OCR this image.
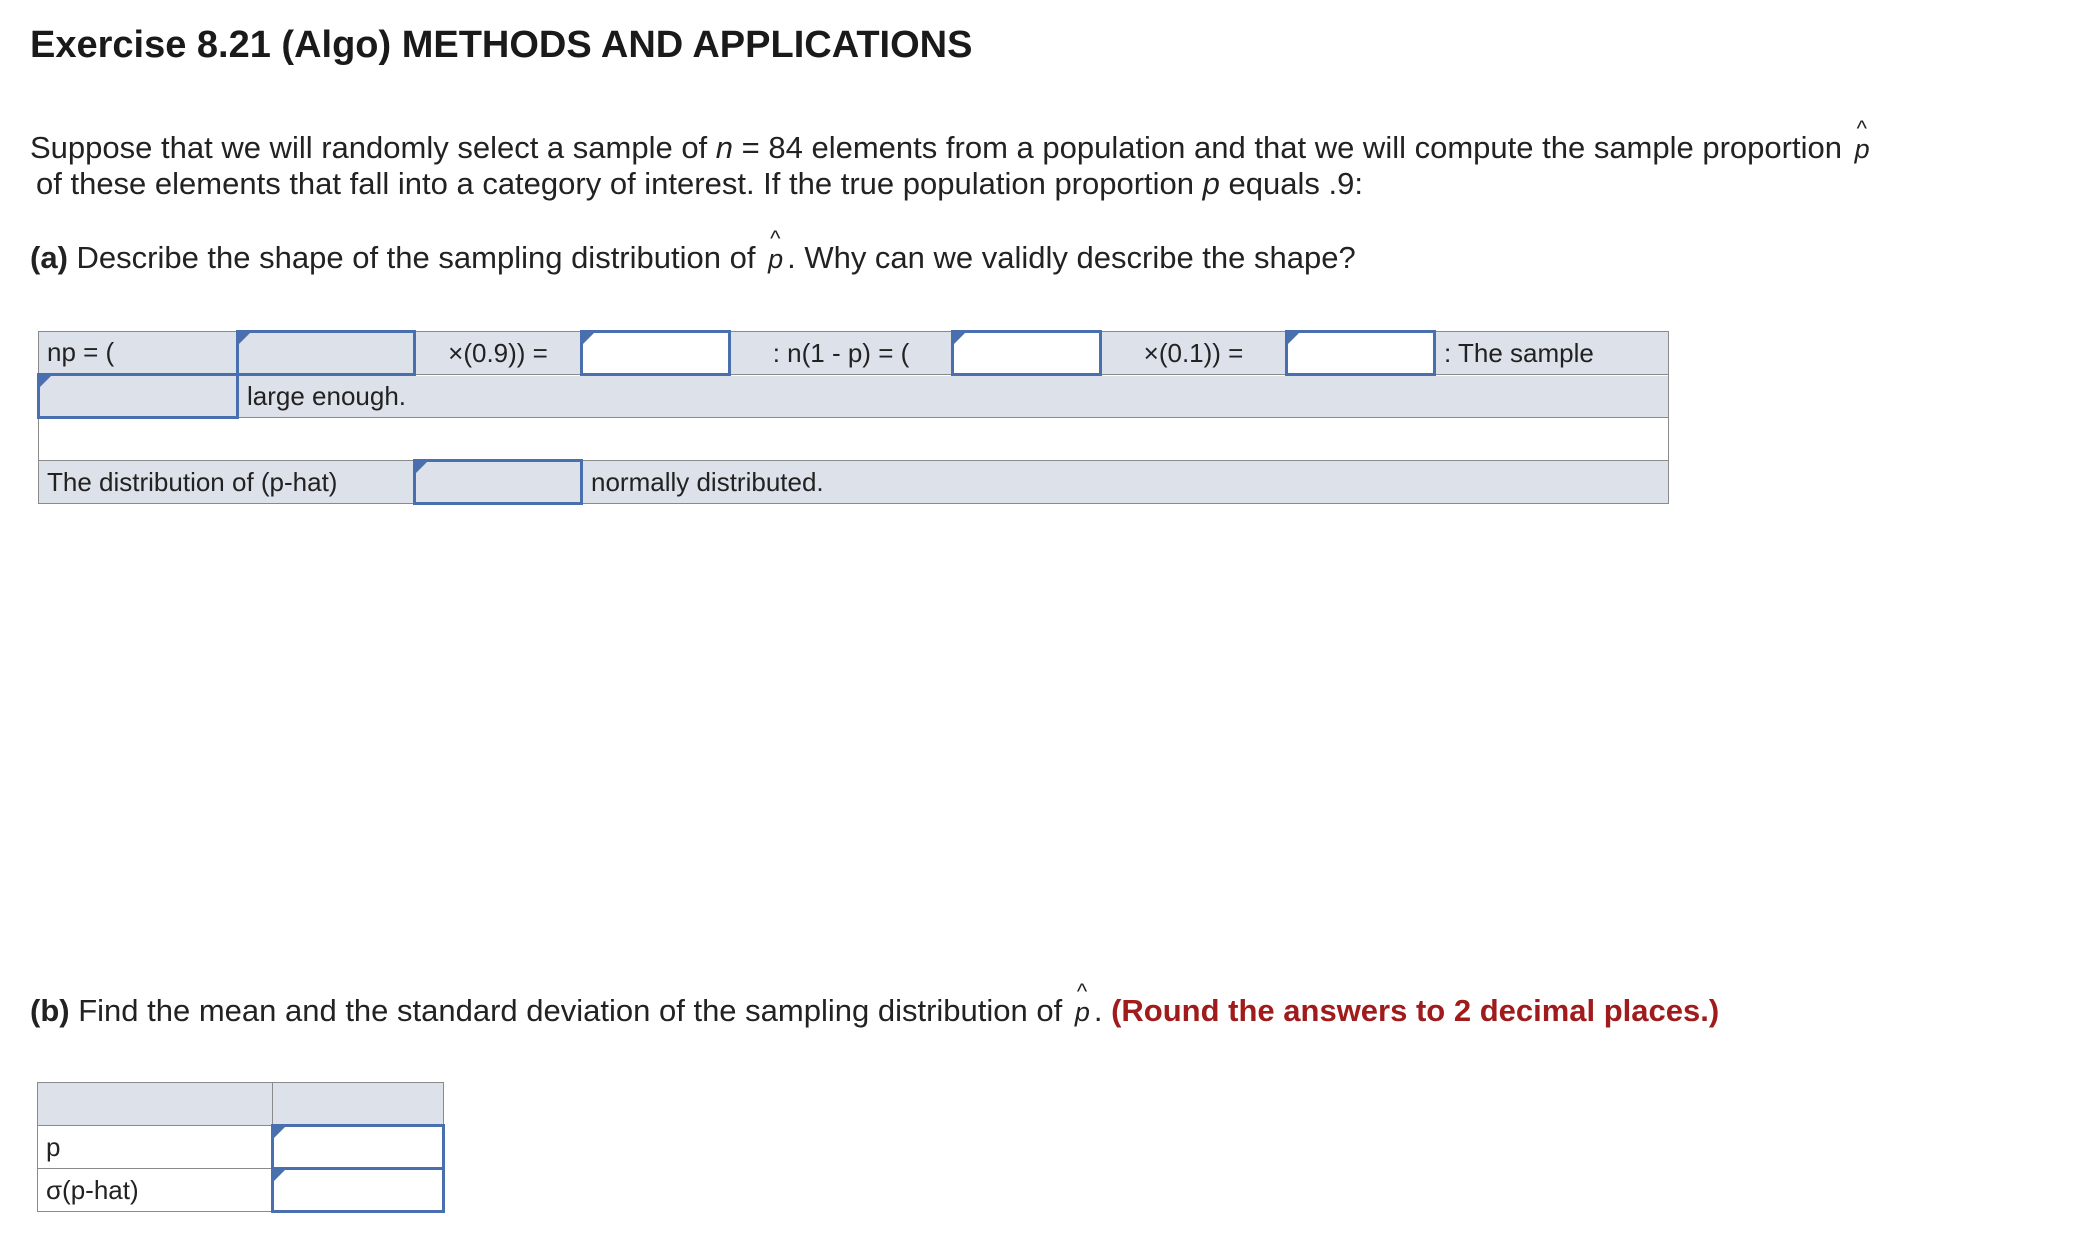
Exercise 8.21 (Algo) METHODS AND APPLICATIONS
Suppose that we will randomly select a sample of n = 84 elements from a population and that we will compute the sample proportion ^ p
of these elements that fall into a category of interest. If the true population proportion p equals .9:
(a) Describe the shape of the sampling distribution of ^ p . Why can we validly describe the shape?
np = (		×(0.9)) =		: n(1 - p) = (		×(0.1)) =		: The sample

	large enough.							

The distribution of (p-hat)			normally distributed.					
(b) Find the mean and the standard deviation of the sampling distribution of ^ p . (Round the answers to 2 decimal places.)

p	

σ(p-hat)	
